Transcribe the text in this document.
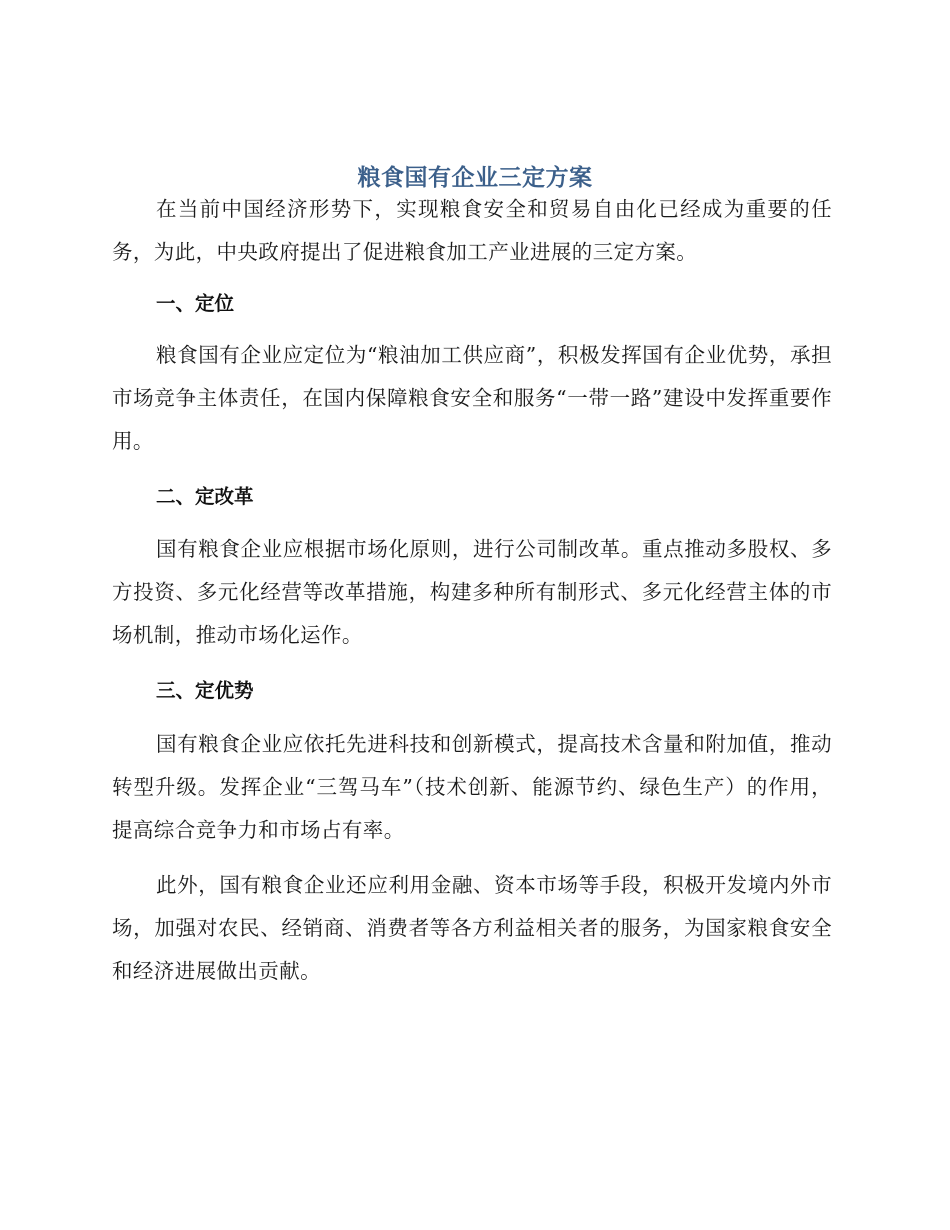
粮食国有企业三定方案

在当前中国经济形势下，实现粮食安全和贸易自由化已经成为重要的任务，为此，中央政府提出了促进粮食加工产业进展的三定方案。

一、定位

粮食国有企业应定位为“粮油加工供应商”，积极发挥国有企业优势，承担市场竞争主体责任，在国内保障粮食安全和服务“一带一路”建设中发挥重要作用。

二、定改革

国有粮食企业应根据市场化原则，进行公司制改革。重点推动多股权、多方投资、多元化经营等改革措施，构建多种所有制形式、多元化经营主体的市场机制，推动市场化运作。

三、定优势

国有粮食企业应依托先进科技和创新模式，提高技术含量和附加值，推动转型升级。发挥企业“三驾马车”（技术创新、能源节约、绿色生产）的作用，提高综合竞争力和市场占有率。

此外，国有粮食企业还应利用金融、资本市场等手段，积极开发境内外市场，加强对农民、经销商、消费者等各方利益相关者的服务，为国家粮食安全和经济进展做出贡献。
